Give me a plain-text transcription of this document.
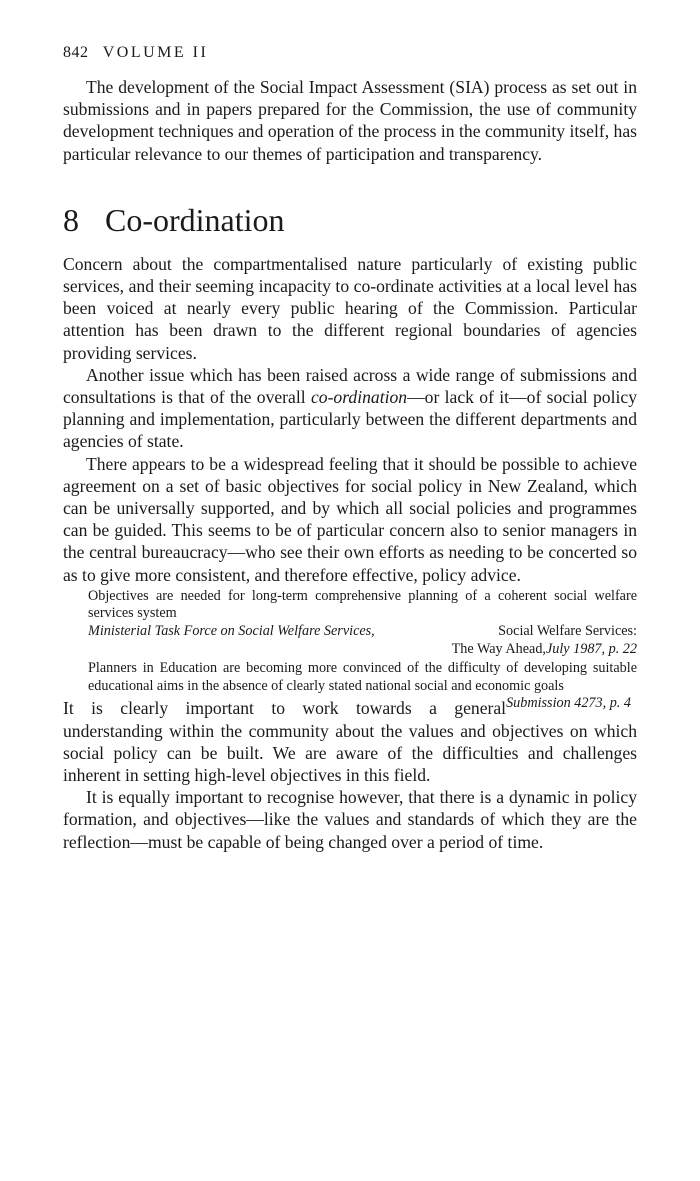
842 VOLUME II

The development of the Social Impact Assessment (SIA) process as set out in submissions and in papers prepared for the Commission, the use of community development techniques and operation of the process in the community itself, has particular relevance to our themes of participation and transparency.

8 Co-ordination

Concern about the compartmentalised nature particularly of existing public services, and their seeming incapacity to co-ordinate activities at a local level has been voiced at nearly every public hearing of the Commission. Particular attention has been drawn to the different regional boundaries of agencies providing services.

Another issue which has been raised across a wide range of submissions and consultations is that of the overall co-ordination—or lack of it—of social policy planning and implementation, particularly between the different departments and agencies of state.

There appears to be a widespread feeling that it should be possible to achieve agreement on a set of basic objectives for social policy in New Zealand, which can be universally supported, and by which all social policies and programmes can be guided. This seems to be of particular concern also to senior managers in the central bureaucracy—who see their own efforts as needing to be concerted so as to give more consistent, and therefore effective, policy advice.

Objectives are needed for long-term comprehensive planning of a coherent social welfare services system

Ministerial Task Force on Social Welfare Services,	Social Welfare Services:
The Way Ahead,July 1987, p. 22

Planners in Education are becoming more convinced of the difficulty of developing suitable educational aims in the absence of clearly stated national social and economic goals
Submission 4273, p. 4

It is clearly important to work towards a general understanding within the community about the values and objectives on which social policy can be built. We are aware of the difficulties and challenges inherent in setting high-level objectives in this field.

It is equally important to recognise however, that there is a dynamic in policy formation, and objectives—like the values and standards of which they are the reflection—must be capable of being changed over a period of time.
